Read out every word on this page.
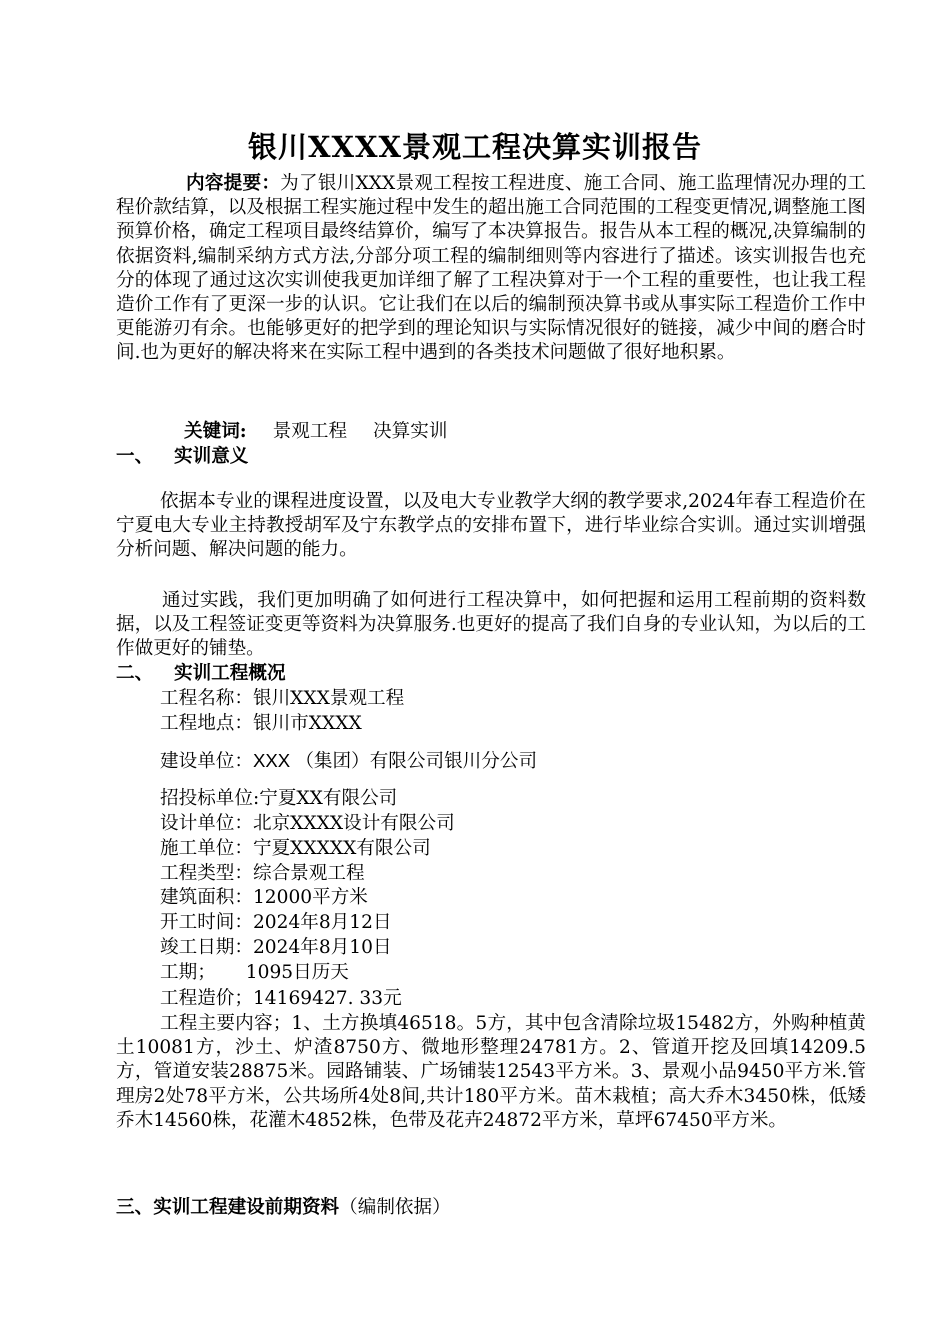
银川XXXX景观工程决算实训报告

内容提要：为了银川XXX景观工程按工程进度、施工合同、施工监理情况办理的工程价款结算，以及根据工程实施过程中发生的超出施工合同范围的工程变更情况,调整施工图预算价格，确定工程项目最终结算价，编写了本决算报告。报告从本工程的概况,决算编制的依据资料,编制采纳方式方法,分部分项工程的编制细则等内容进行了描述。该实训报告也充分的体现了通过这次实训使我更加详细了解了工程决算对于一个工程的重要性，也让我工程造价工作有了更深一步的认识。它让我们在以后的编制预决算书或从事实际工程造价工作中更能游刃有余。也能够更好的把学到的理论知识与实际情况很好的链接，减少中间的磨合时间.也为更好的解决将来在实际工程中遇到的各类技术问题做了很好地积累。

关键词: 景观工程 决算实训
一、 实训意义

依据本专业的课程进度设置，以及电大专业教学大纲的教学要求,2024年春工程造价在宁夏电大专业主持教授胡军及宁东教学点的安排布置下，进行毕业综合实训。通过实训增强分析问题、解决问题的能力。

通过实践，我们更加明确了如何进行工程决算中，如何把握和运用工程前期的资料数据，以及工程签证变更等资料为决算服务.也更好的提高了我们自身的专业认知，为以后的工作做更好的铺垫。

二、 实训工程概况
工程名称：银川XXX景观工程
工程地点：银川市XXXX
建设单位：XXX （集团）有限公司银川分公司
招投标单位:宁夏XX有限公司
设计单位：北京XXXX设计有限公司
施工单位：宁夏XXXXX有限公司
工程类型：综合景观工程
建筑面积：12000平方米
开工时间：2024年8月12日
竣工日期：2024年8月10日
工期； 1095日历天
工程造价；14169427. 33元

工程主要内容；1、土方换填46518。5方，其中包含清除垃圾15482方，外购种植黄土10081方，沙土、炉渣8750方、微地形整理24781方。2、管道开挖及回填14209.5方，管道安装28875米。园路铺装、广场铺装12543平方米。3、景观小品9450平方米.管理房2处78平方米，公共场所4处8间,共计180平方米。苗木栽植；高大乔木3450株，低矮乔木14560株，花灌木4852株，色带及花卉24872平方米，草坪67450平方米。

三、实训工程建设前期资料（编制依据）
